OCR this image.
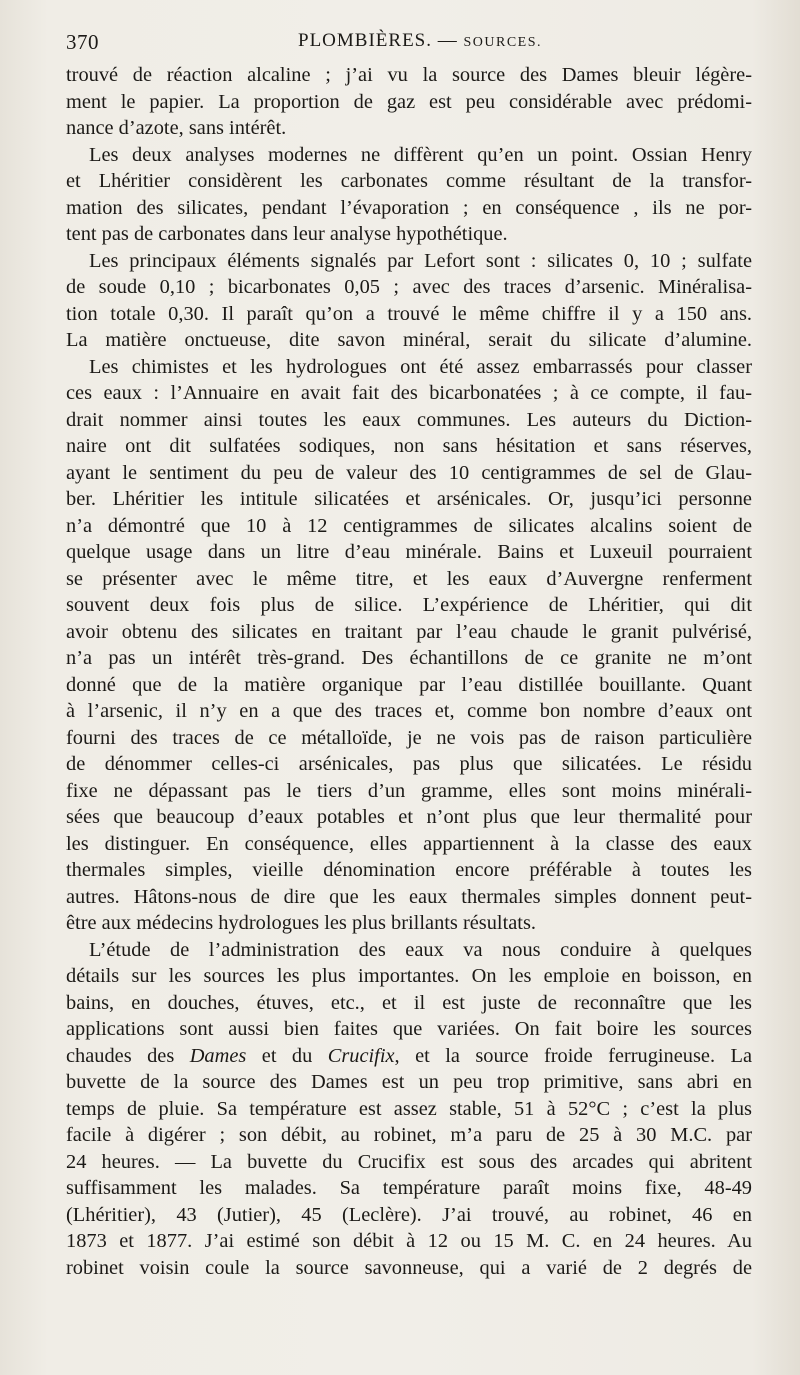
370	PLOMBIÈRES. — SOURCES.
trouvé de réaction alcaline ; j’ai vu la source des Dames bleuir légère-
ment le papier. La proportion de gaz est peu considérable avec prédomi-
nance d’azote, sans intérêt.
Les deux analyses modernes ne diffèrent qu’en un point. Ossian Henry
et Lhéritier considèrent les carbonates comme résultant de la transfor-
mation des silicates, pendant l’évaporation ; en conséquence , ils ne por-
tent pas de carbonates dans leur analyse hypothétique.
Les principaux éléments signalés par Lefort sont : silicates 0, 10 ; sulfate
de soude 0,10 ; bicarbonates 0,05 ; avec des traces d’arsenic. Minéralisa-
tion totale 0,30. Il paraît qu’on a trouvé le même chiffre il y a 150 ans.
La matière onctueuse, dite savon minéral, serait du silicate d’alumine.
Les chimistes et les hydrologues ont été assez embarrassés pour classer
ces eaux : l’Annuaire en avait fait des bicarbonatées ; à ce compte, il fau-
drait nommer ainsi toutes les eaux communes. Les auteurs du Diction-
naire ont dit sulfatées sodiques, non sans hésitation et sans réserves,
ayant le sentiment du peu de valeur des 10 centigrammes de sel de Glau-
ber. Lhéritier les intitule silicatées et arsénicales. Or, jusqu’ici personne
n’a démontré que 10 à 12 centigrammes de silicates alcalins soient de
quelque usage dans un litre d’eau minérale. Bains et Luxeuil pourraient
se présenter avec le même titre, et les eaux d’Auvergne renferment
souvent deux fois plus de silice. L’expérience de Lhéritier, qui dit
avoir obtenu des silicates en traitant par l’eau chaude le granit pulvérisé,
n’a pas un intérêt très-grand. Des échantillons de ce granite ne m’ont
donné que de la matière organique par l’eau distillée bouillante. Quant
à l’arsenic, il n’y en a que des traces et, comme bon nombre d’eaux ont
fourni des traces de ce métalloïde, je ne vois pas de raison particulière
de dénommer celles-ci arsénicales, pas plus que silicatées. Le résidu
fixe ne dépassant pas le tiers d’un gramme, elles sont moins minérali-
sées que beaucoup d’eaux potables et n’ont plus que leur thermalité pour
les distinguer. En conséquence, elles appartiennent à la classe des eaux
thermales simples, vieille dénomination encore préférable à toutes les
autres. Hâtons-nous de dire que les eaux thermales simples donnent peut-
être aux médecins hydrologues les plus brillants résultats.
L’étude de l’administration des eaux va nous conduire à quelques
détails sur les sources les plus importantes. On les emploie en boisson, en
bains, en douches, étuves, etc., et il est juste de reconnaître que les
applications sont aussi bien faites que variées. On fait boire les sources
chaudes des Dames et du Crucifix, et la source froide ferrugineuse. La
buvette de la source des Dames est un peu trop primitive, sans abri en
temps de pluie. Sa température est assez stable, 51 à 52°C ; c’est la plus
facile à digérer ; son débit, au robinet, m’a paru de 25 à 30 M.C. par
24 heures. — La buvette du Crucifix est sous des arcades qui abritent
suffisamment les malades. Sa température paraît moins fixe, 48-49
(Lhéritier), 43 (Jutier), 45 (Leclère). J’ai trouvé, au robinet, 46 en
1873 et 1877. J’ai estimé son débit à 12 ou 15 M. C. en 24 heures. Au
robinet voisin coule la source savonneuse, qui a varié de 2 degrés de
